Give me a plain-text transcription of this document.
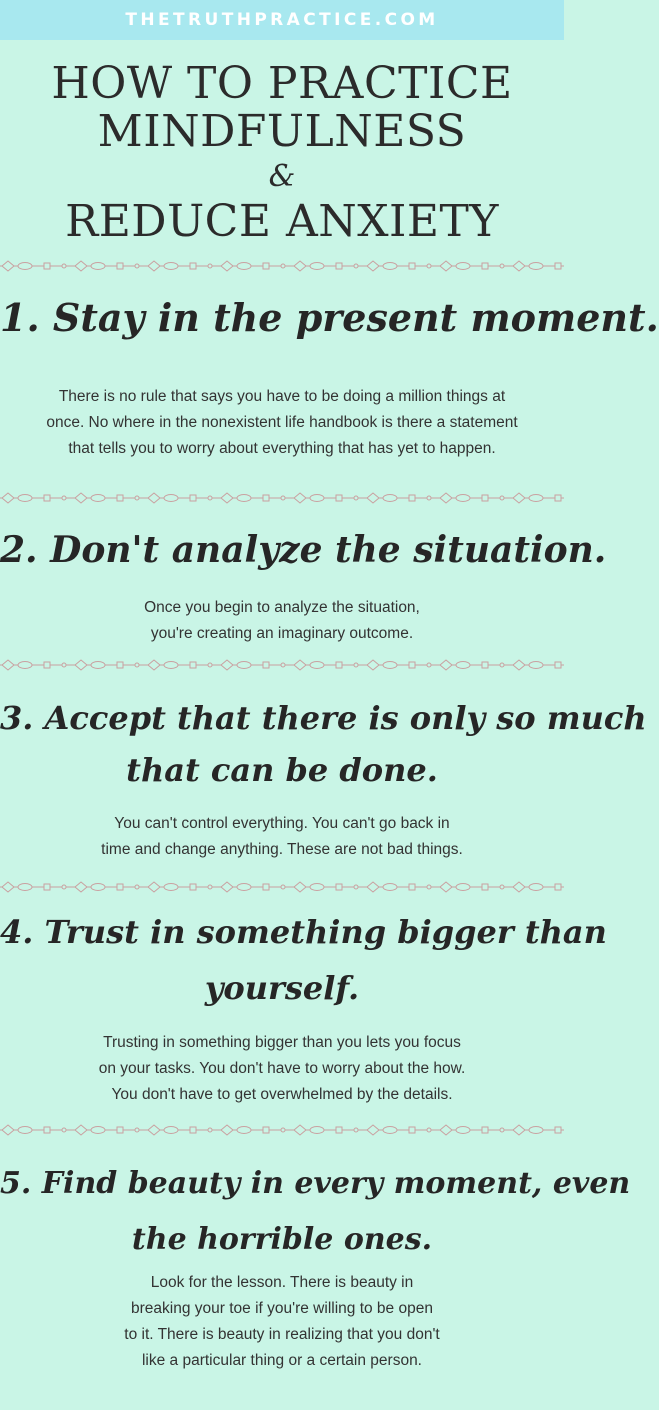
THETRUTHPRACTICE.COM
HOW TO PRACTICE
MINDFULNESS
&
REDUCE ANXIETY
1. Stay in the present moment.
There is no rule that says you have to be doing a million things at
once. No where in the nonexistent life handbook is there a statement
that tells you to worry about everything that has yet to happen.
2. Don't analyze the situation.
Once you begin to analyze the situation,
you're creating an imaginary outcome.
3. Accept that there is only so much
that can be done.
You can't control everything. You can't go back in
time and change anything. These are not bad things.
4. Trust in something bigger than
yourself.
Trusting in something bigger than you lets you focus
on your tasks. You don't have to worry about the how.
You don't have to get overwhelmed by the details.
5. Find beauty in every moment, even
the horrible ones.
Look for the lesson. There is beauty in
breaking your toe if you're willing to be open
to it. There is beauty in realizing that you don't
like a particular thing or a certain person.
